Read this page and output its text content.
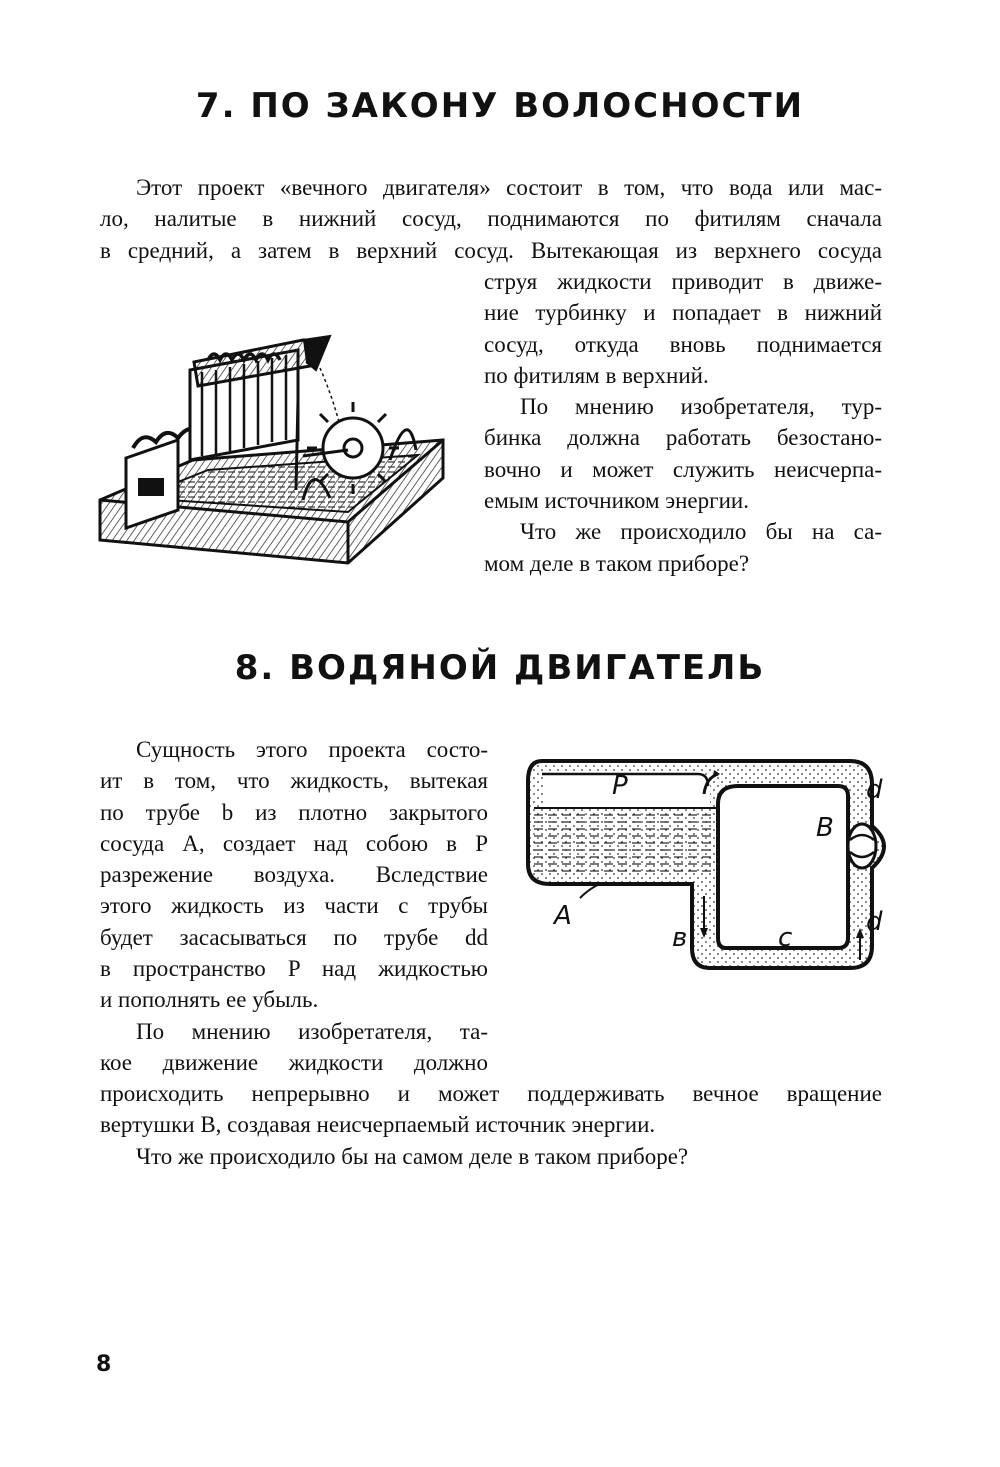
7. ПО ЗАКОНУ ВОЛОСНОСТИ

Этот проект «вечного двигателя» состоит в том, что вода или мас-

ло, налитые в нижний сосуд, поднимаются по фитилям сначала

в средний, а затем в верхний сосуд. Вытекающая из верхнего сосуда

струя жидкости приводит в движе-

ние турбинку и попадает в нижний

сосуд, откуда вновь поднимается

по фитилям в верхний.

По мнению изобретателя, тур-

бинка должна работать безостано-

вочно и может служить неисчерпа-

емым источником энергии.

Что же происходило бы на са-

мом деле в таком приборе?

8. ВОДЯНОЙ ДВИГАТЕЛЬ

Сущность этого проекта состо-

ит в том, что жидкость, вытекая

по трубе b из плотно закрытого

сосуда A, создает над собою в P

разрежение воздуха. Вследствие

этого жидкость из части c трубы

будет засасываться по трубе dd

в пространство P над жидкостью

и пополнять ее убыль.

По мнению изобретателя, та-

кое движение жидкости должно

происходить непрерывно и может поддерживать вечное вращение

вертушки B, создавая неисчерпаемый источник энергии.

Что же происходило бы на самом деле в таком приборе?

P
A
B
в	c
d
d
8
